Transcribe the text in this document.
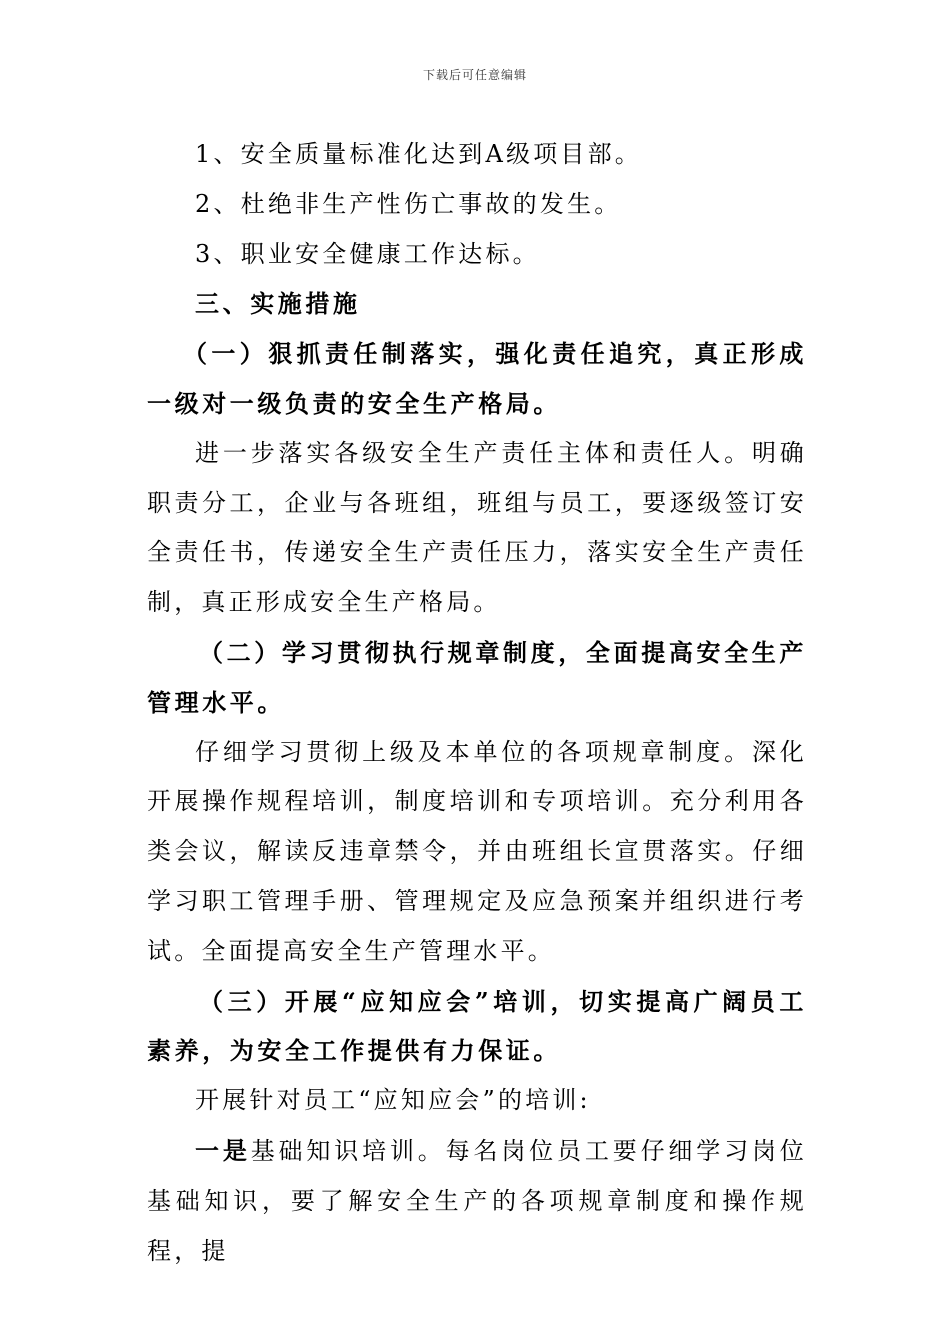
下载后可任意编辑

1、安全质量标准化达到A级项目部。

2、杜绝非生产性伤亡事故的发生。

3、职业安全健康工作达标。

三、实施措施

（一）狠抓责任制落实，强化责任追究，真正形成一级对一级负责的安全生产格局。

进一步落实各级安全生产责任主体和责任人。明确职责分工，企业与各班组，班组与员工，要逐级签订安全责任书，传递安全生产责任压力，落实安全生产责任制，真正形成安全生产格局。

（二）学习贯彻执行规章制度，全面提高安全生产管理水平。

仔细学习贯彻上级及本单位的各项规章制度。深化开展操作规程培训，制度培训和专项培训。充分利用各类会议，解读反违章禁令，并由班组长宣贯落实。仔细学习职工管理手册、管理规定及应急预案并组织进行考试。全面提高安全生产管理水平。

（三）开展“应知应会”培训，切实提高广阔员工素养，为安全工作提供有力保证。

开展针对员工“应知应会”的培训:

一是基础知识培训。每名岗位员工要仔细学习岗位基础知识，要了解安全生产的各项规章制度和操作规程，提
